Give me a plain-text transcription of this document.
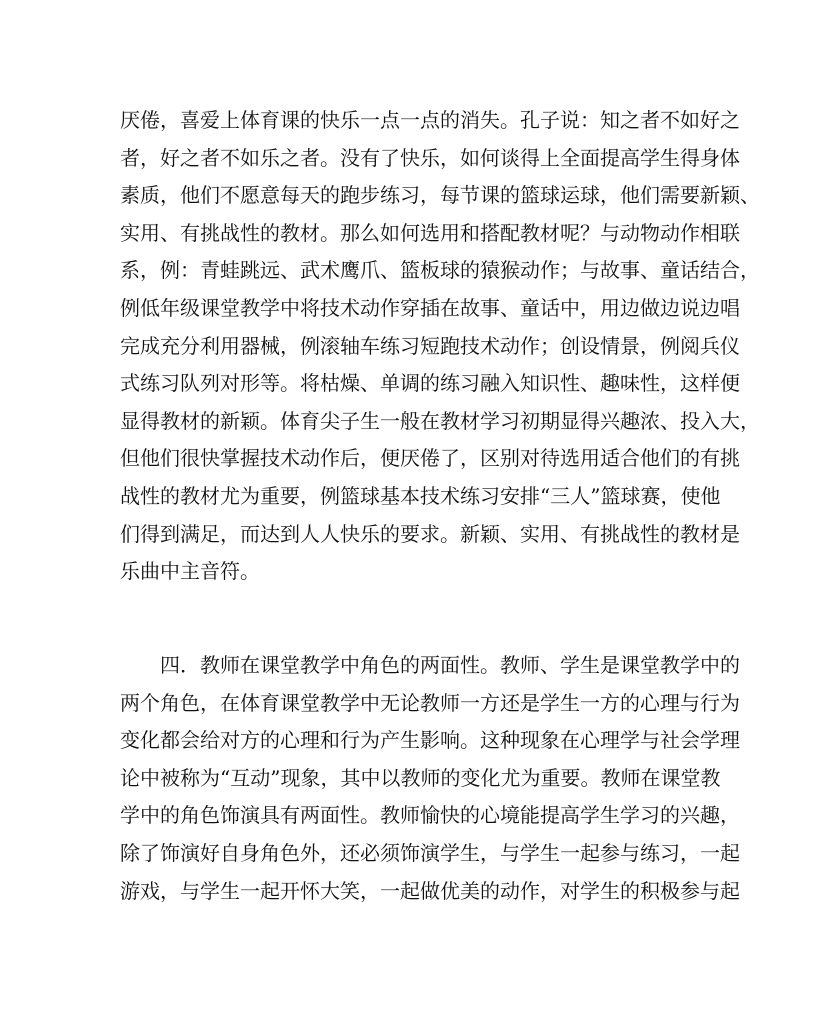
厌倦，喜爱上体育课的快乐一点一点的消失。孔子说：知之者不如好之
者，好之者不如乐之者。没有了快乐，如何谈得上全面提高学生得身体
素质，他们不愿意每天的跑步练习，每节课的篮球运球，他们需要新颖、
实用、有挑战性的教材。那么如何选用和搭配教材呢？与动物动作相联
系，例：青蛙跳远、武术鹰爪、篮板球的猿猴动作；与故事、童话结合，
例低年级课堂教学中将技术动作穿插在故事、童话中，用边做边说边唱
完成充分利用器械，例滚轴车练习短跑技术动作；创设情景，例阅兵仪
式练习队列对形等。将枯燥、单调的练习融入知识性、趣味性，这样便
显得教材的新颖。体育尖子生一般在教材学习初期显得兴趣浓、投入大，
但他们很快掌握技术动作后，便厌倦了，区别对待选用适合他们的有挑
战性的教材尤为重要，例篮球基本技术练习安排“三人”篮球赛，使他
们得到满足，而达到人人快乐的要求。新颖、实用、有挑战性的教材是
乐曲中主音符。
四．教师在课堂教学中角色的两面性。教师、学生是课堂教学中的
两个角色，在体育课堂教学中无论教师一方还是学生一方的心理与行为
变化都会给对方的心理和行为产生影响。这种现象在心理学与社会学理
论中被称为“互动”现象，其中以教师的变化尤为重要。教师在课堂教
学中的角色饰演具有两面性。教师愉快的心境能提高学生学习的兴趣，
除了饰演好自身角色外，还必须饰演学生，与学生一起参与练习，一起
游戏，与学生一起开怀大笑，一起做优美的动作，对学生的积极参与起
